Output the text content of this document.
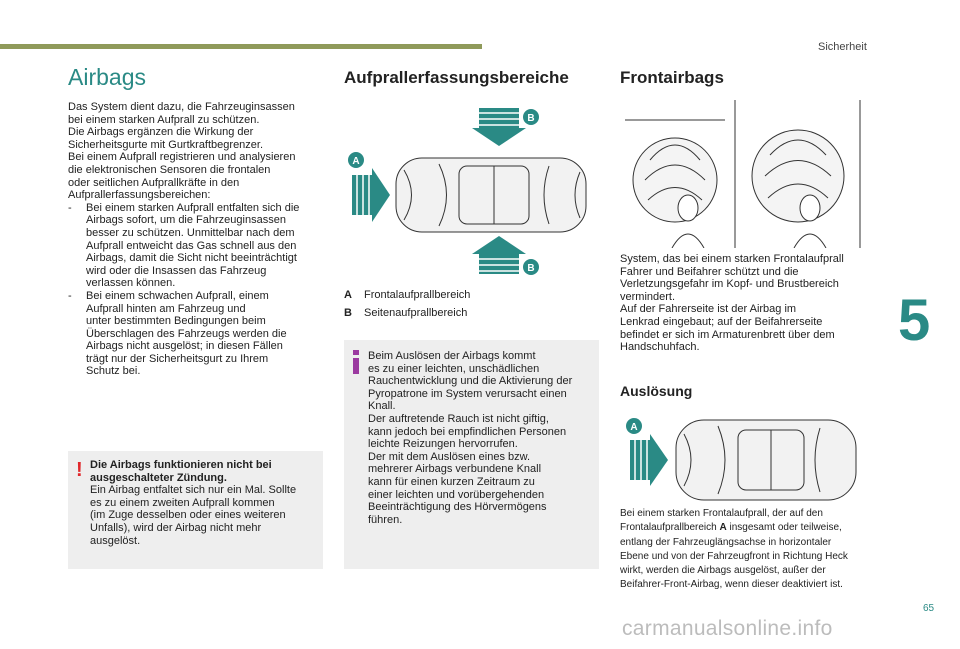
Sicherheit
5
65
carmanualsonline.info
Airbags

Das System dient dazu, die Fahrzeuginsassen

bei einem starken Aufprall zu schützen.

Die Airbags ergänzen die Wirkung der

Sicherheitsgurte mit Gurtkraftbegrenzer.

Bei einem Aufprall registrieren und analysieren

die elektronischen Sensoren die frontalen

oder seitlichen Aufprallkräfte in den

Aufprallerfassungsbereichen:

-	Bei einem starken Aufprall entfalten sich die

Airbags sofort, um die Fahrzeuginsassen

besser zu schützen. Unmittelbar nach dem

Aufprall entweicht das Gas schnell aus den

Airbags, damit die Sicht nicht beeinträchtigt

wird oder die Insassen das Fahrzeug

verlassen können.

-	Bei einem schwachen Aufprall, einem

Aufprall hinten am Fahrzeug und

unter bestimmten Bedingungen beim

Überschlagen des Fahrzeugs werden die

Airbags nicht ausgelöst; in diesen Fällen

trägt nur der Sicherheitsgurt zu Ihrem

Schutz bei.

! Die Airbags funktionieren nicht bei

ausgeschalteter Zündung.

Ein Airbag entfaltet sich nur ein Mal. Sollte

es zu einem zweiten Aufprall kommen

(im Zuge desselben oder eines weiteren

Unfalls), wird der Airbag nicht mehr

ausgelöst.

Aufprallerfassungsbereiche
B
A
B
A Frontalaufprallbereich
B Seitenaufprallbereich

Beim Auslösen der Airbags kommt

es zu einer leichten, unschädlichen

Rauchentwicklung und die Aktivierung der

Pyropatrone im System verursacht einen

Knall.

Der auftretende Rauch ist nicht giftig,

kann jedoch bei empfindlichen Personen

leichte Reizungen hervorrufen.

Der mit dem Auslösen eines bzw.

mehrerer Airbags verbundene Knall

kann für einen kurzen Zeitraum zu

einer leichten und vorübergehenden

Beeinträchtigung des Hörvermögens

führen.

Frontairbags

System, das bei einem starken Frontalaufprall

Fahrer und Beifahrer schützt und die

Verletzungsgefahr im Kopf- und Brustbereich

vermindert.

Auf der Fahrerseite ist der Airbag im

Lenkrad eingebaut; auf der Beifahrerseite

befindet er sich im Armaturenbrett über dem

Handschuhfach.

Auslösung
A

Bei einem starken Frontalaufprall, der auf den

Frontalaufprallbereich A insgesamt oder teilweise,

entlang der Fahrzeuglängsachse in horizontaler

Ebene und von der Fahrzeugfront in Richtung Heck

wirkt, werden die Airbags ausgelöst, außer der

Beifahrer-Front-Airbag, wenn dieser deaktiviert ist.
